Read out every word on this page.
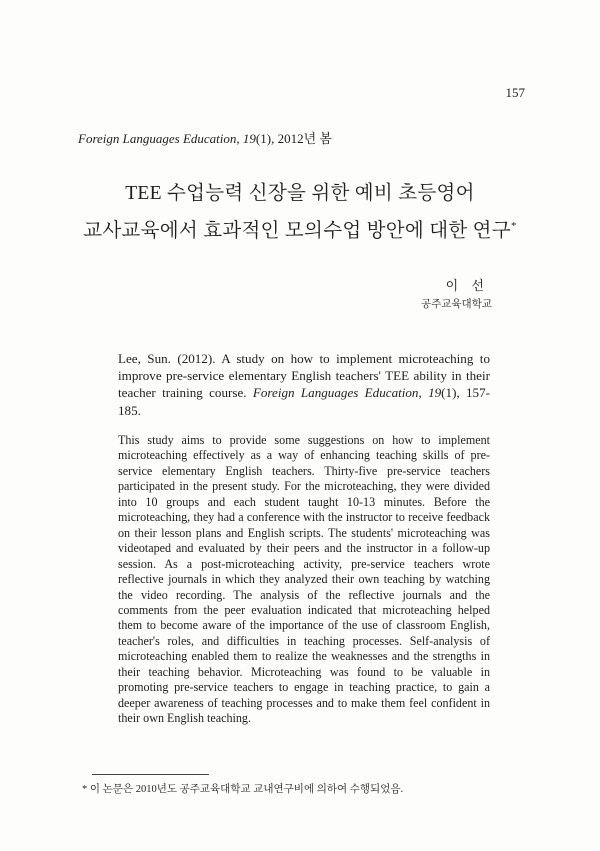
157
Foreign Languages Education, 19(1), 2012년 봄
TEE 수업능력 신장을 위한 예비 초등영어
교사교육에서 효과적인 모의수업 방안에 대한 연구*
이 선
공주교육대학교
Lee, Sun. (2012). A study on how to implement microteaching to improve pre-service elementary English teachers' TEE ability in their teacher training course. Foreign Languages Education, 19(1), 157-185.
This study aims to provide some suggestions on how to implement microteaching effectively as a way of enhancing teaching skills of pre-service elementary English teachers. Thirty-five pre-service teachers participated in the present study. For the microteaching, they were divided into 10 groups and each student taught 10-13 minutes. Before the microteaching, they had a conference with the instructor to receive feedback on their lesson plans and English scripts. The students' microteaching was videotaped and evaluated by their peers and the instructor in a follow-up session. As a post-microteaching activity, pre-service teachers wrote reflective journals in which they analyzed their own teaching by watching the video recording. The analysis of the reflective journals and the comments from the peer evaluation indicated that microteaching helped them to become aware of the importance of the use of classroom English, teacher's roles, and difficulties in teaching processes. Self-analysis of microteaching enabled them to realize the weaknesses and the strengths in their teaching behavior. Microteaching was found to be valuable in promoting pre-service teachers to engage in teaching practice, to gain a deeper awareness of teaching processes and to make them feel confident in their own English teaching.
* 이 논문은 2010년도 공주교육대학교 교내연구비에 의하여 수행되었음.
